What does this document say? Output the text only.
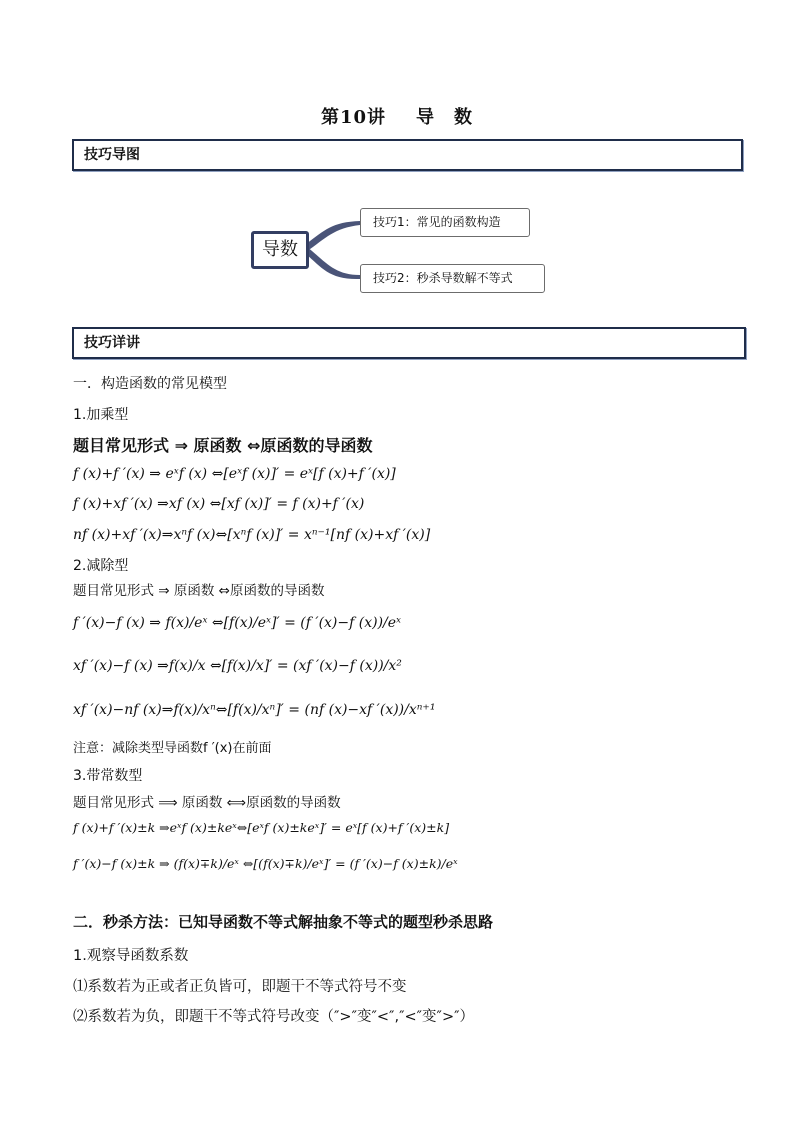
第10讲 导　数
技巧导图
导数
技巧1：常见的函数构造
技巧2：秒杀导数解不等式
技巧详讲
一．构造函数的常见模型
1.加乘型
题目常见形式 ⇒ 原函数 ⇔原函数的导函数
f (x)+f ′(x) ⇒ eˣf (x) ⇔[eˣf (x)]′ = eˣ[f (x)+f ′(x)]
f (x)+xf ′(x) ⇒xf (x) ⇔[xf (x)]′ = f (x)+f ′(x)
nf (x)+xf ′(x)⇒xⁿf (x)⇔[xⁿf (x)]′ = xⁿ⁻¹[nf (x)+xf ′(x)]
2.减除型
题目常见形式 ⇒ 原函数 ⇔原函数的导函数
f ′(x)−f (x) ⇒ f(x)/eˣ ⇔[f(x)/eˣ]′ = (f ′(x)−f (x))/eˣ
xf ′(x)−f (x) ⇒f(x)/x ⇔[f(x)/x]′ = (xf ′(x)−f (x))/x²
xf ′(x)−nf (x)⇒f(x)/xⁿ⇔[f(x)/xⁿ]′ = (nf (x)−xf ′(x))/xⁿ⁺¹
注意：减除类型导函数f ′(x)在前面
3.带常数型
题目常见形式 ⟹ 原函数 ⟺原函数的导函数
f (x)+f ′(x)±k ⇒eˣf (x)±keˣ⇔[eˣf (x)±keˣ]′ = eˣ[f (x)+f ′(x)±k]
f ′(x)−f (x)±k ⇒ (f(x)∓k)/eˣ ⇔[(f(x)∓k)/eˣ]′ = (f ′(x)−f (x)±k)/eˣ
二．秒杀方法：已知导函数不等式解抽象不等式的题型秒杀思路
1.观察导函数系数
⑴系数若为正或者正负皆可，即题干不等式符号不变
⑵系数若为负，即题干不等式符号改变（″>″变″<″,″<″变″>″）
